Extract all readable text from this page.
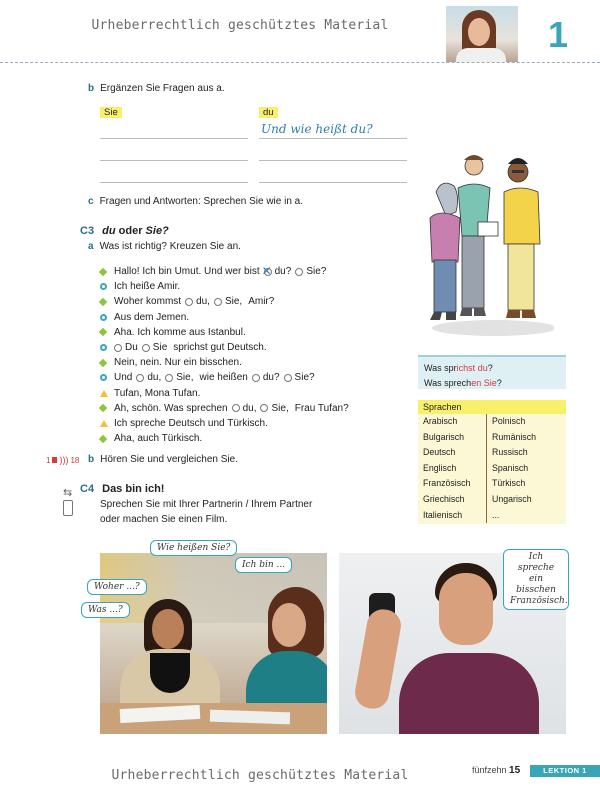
Urheberrechtlich geschütztes Material	1
b Ergänzen Sie Fragen aus a.
Sie	du
Und wie heißt du?
c Fragen und Antworten: Sprechen Sie wie in a.
C3 du oder Sie?
a Was ist richtig? Kreuzen Sie an.
Hallo! Ich bin Umut. Und wer bist
✕ du? Sie?
Ich heiße Amir.
Woher kommst du, Sie, Amir?
Aus dem Jemen.
Aha. Ich komme aus Istanbul.
Du Sie sprichst gut Deutsch.
Nein, nein. Nur ein bisschen.
Und du, Sie, wie heißen du? Sie?
Tufan, Mona Tufan.
Ah, schön. Was sprechen du, Sie, Frau Tufan?
Ich spreche Deutsch und Türkisch.
Aha, auch Türkisch.
1 ))) 18 b Hören Sie und vergleichen Sie.
⇆ C4 Das bin ich!
Sprechen Sie mit Ihrer Partnerin / Ihrem Partner
oder machen Sie einen Film.
Was sprichst du?
Was sprechen Sie?
Sprachen
Arabisch	Polnisch
Bulgarisch	Rumänisch
Deutsch	Russisch
Englisch	Spanisch
Französisch	Türkisch
Griechisch	Ungarisch
Italienisch	...
Wie heißen Sie?
Ich bin ...
Woher ...?
Was ...?
Ich spreche ein bisschen Französisch.
Urheberrechtlich geschütztes Material	fünfzehn 15	LEKTION 1
